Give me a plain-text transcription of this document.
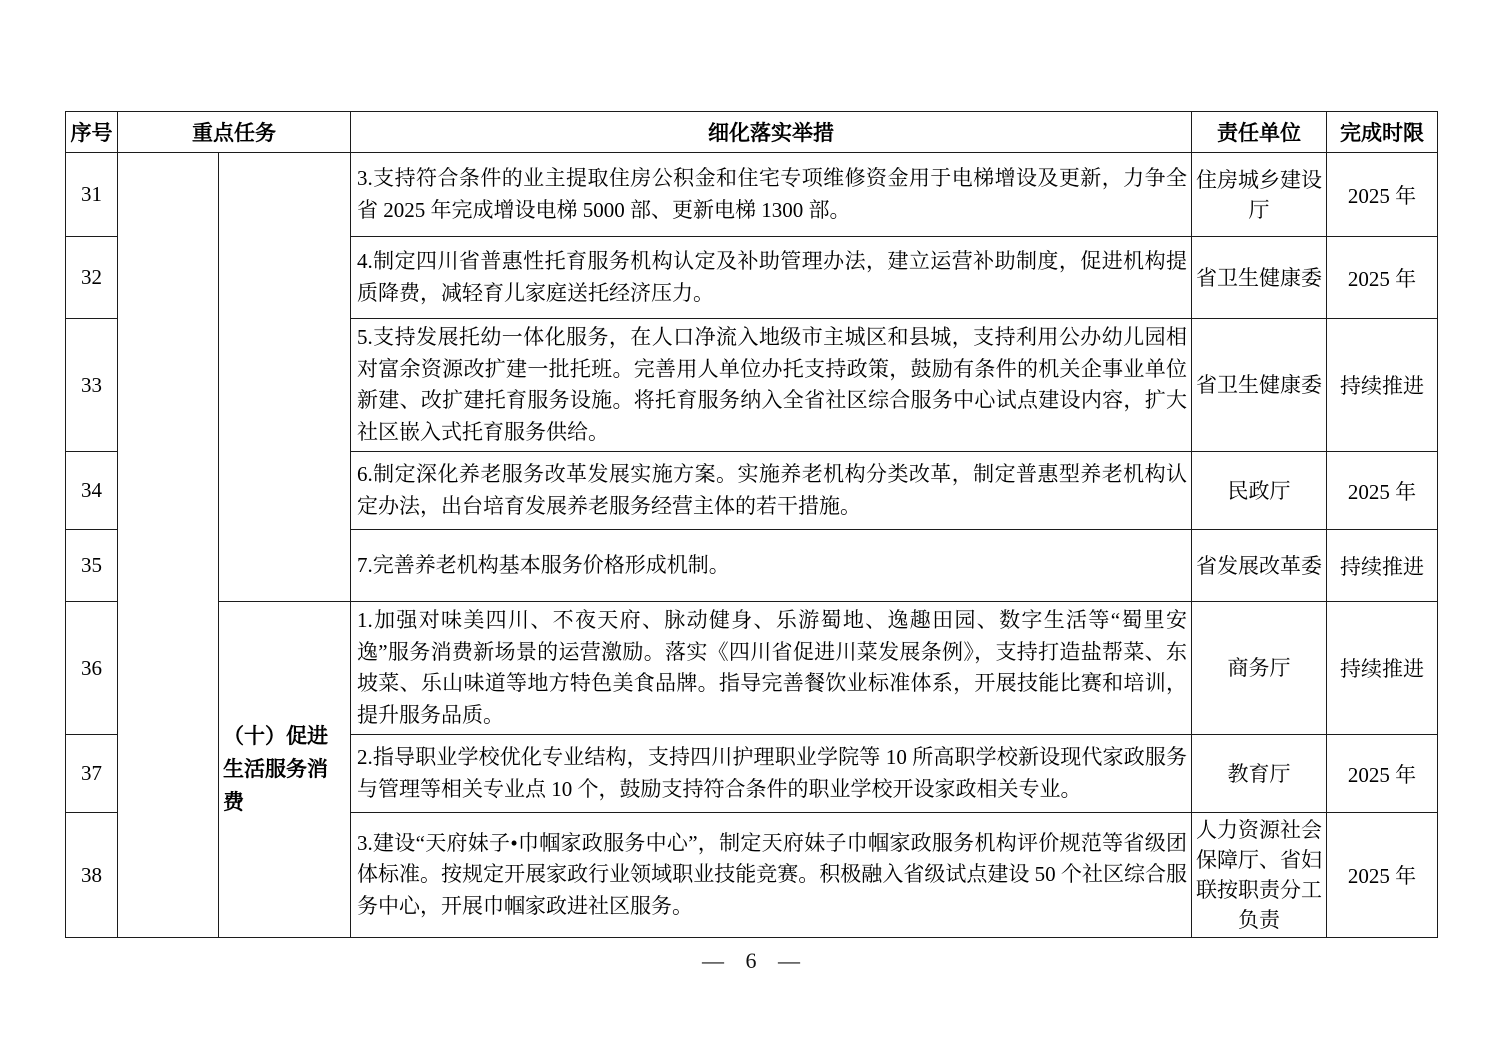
序号	重点任务		细化落实举措	责任单位	完成时限
31			3.支持符合条件的业主提取住房公积金和住宅专项维修资金用于电梯增设及更新，力争全省 2025 年完成增设电梯 5000 部、更新电梯 1300 部。	住房城乡建设厅	2025 年
32			4.制定四川省普惠性托育服务机构认定及补助管理办法，建立运营补助制度，促进机构提质降费，减轻育儿家庭送托经济压力。	省卫生健康委	2025 年
33			5.支持发展托幼一体化服务，在人口净流入地级市主城区和县城，支持利用公办幼儿园相对富余资源改扩建一批托班。完善用人单位办托支持政策，鼓励有条件的机关企事业单位新建、改扩建托育服务设施。将托育服务纳入全省社区综合服务中心试点建设内容，扩大社区嵌入式托育服务供给。	省卫生健康委	持续推进
34			6.制定深化养老服务改革发展实施方案。实施养老机构分类改革，制定普惠型养老机构认定办法，出台培育发展养老服务经营主体的若干措施。	民政厅	2025 年
35			7.完善养老机构基本服务价格形成机制。	省发展改革委	持续推进
36		（十）促进生活服务消费	1.加强对味美四川、不夜天府、脉动健身、乐游蜀地、逸趣田园、数字生活等“蜀里安逸”服务消费新场景的运营激励。落实《四川省促进川菜发展条例》，支持打造盐帮菜、东坡菜、乐山味道等地方特色美食品牌。指导完善餐饮业标准体系，开展技能比赛和培训，提升服务品质。	商务厅	持续推进
37			2.指导职业学校优化专业结构，支持四川护理职业学院等 10 所高职学校新设现代家政服务与管理等相关专业点 10 个，鼓励支持符合条件的职业学校开设家政相关专业。	教育厅	2025 年
38			3.建设“天府妹子•巾帼家政服务中心”，制定天府妹子巾帼家政服务机构评价规范等省级团体标准。按规定开展家政行业领域职业技能竞赛。积极融入省级试点建设 50 个社区综合服务中心，开展巾帼家政进社区服务。	人力资源社会保障厅、省妇联按职责分工负责	2025 年
— 6 —
